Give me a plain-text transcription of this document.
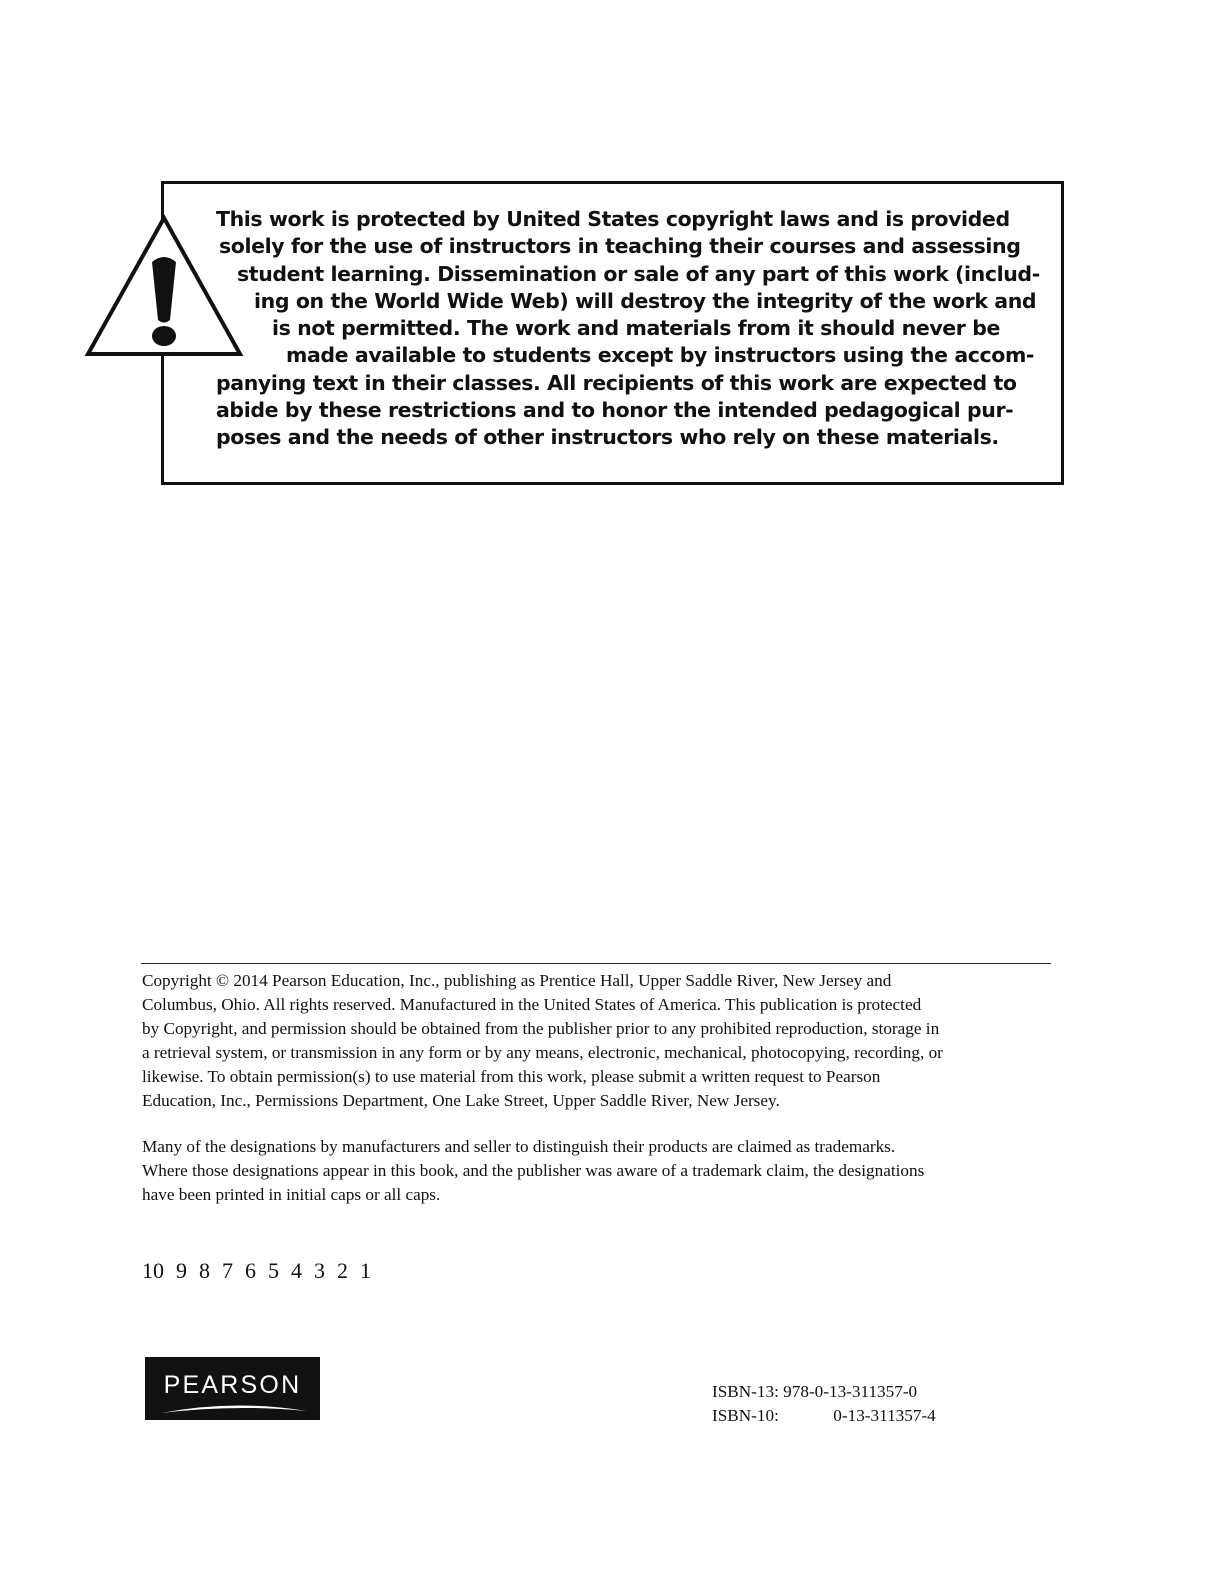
This work is protected by United States copyright laws and is provided
solely for the use of instructors in teaching their courses and assessing
student learning. Dissemination or sale of any part of this work (includ-
ing on the World Wide Web) will destroy the integrity of the work and
is not permitted. The work and materials from it should never be
made available to students except by instructors using the accom-
panying text in their classes. All recipients of this work are expected to
abide by these restrictions and to honor the intended pedagogical pur-
poses and the needs of other instructors who rely on these materials.
Copyright © 2014 Pearson Education, Inc., publishing as Prentice Hall, Upper Saddle River, New Jersey and
Columbus, Ohio. All rights reserved. Manufactured in the United States of America. This publication is protected
by Copyright, and permission should be obtained from the publisher prior to any prohibited reproduction, storage in
a retrieval system, or transmission in any form or by any means, electronic, mechanical, photocopying, recording, or
likewise. To obtain permission(s) to use material from this work, please submit a written request to Pearson
Education, Inc., Permissions Department, One Lake Street, Upper Saddle River, New Jersey.
Many of the designations by manufacturers and seller to distinguish their products are claimed as trademarks.
Where those designations appear in this book, and the publisher was aware of a trademark claim, the designations
have been printed in initial caps or all caps.
10 9 8 7 6 5 4 3 2 1
PEARSON	ISBN-13: 978-0-13-311357-0
ISBN-10:	0-13-311357-4
